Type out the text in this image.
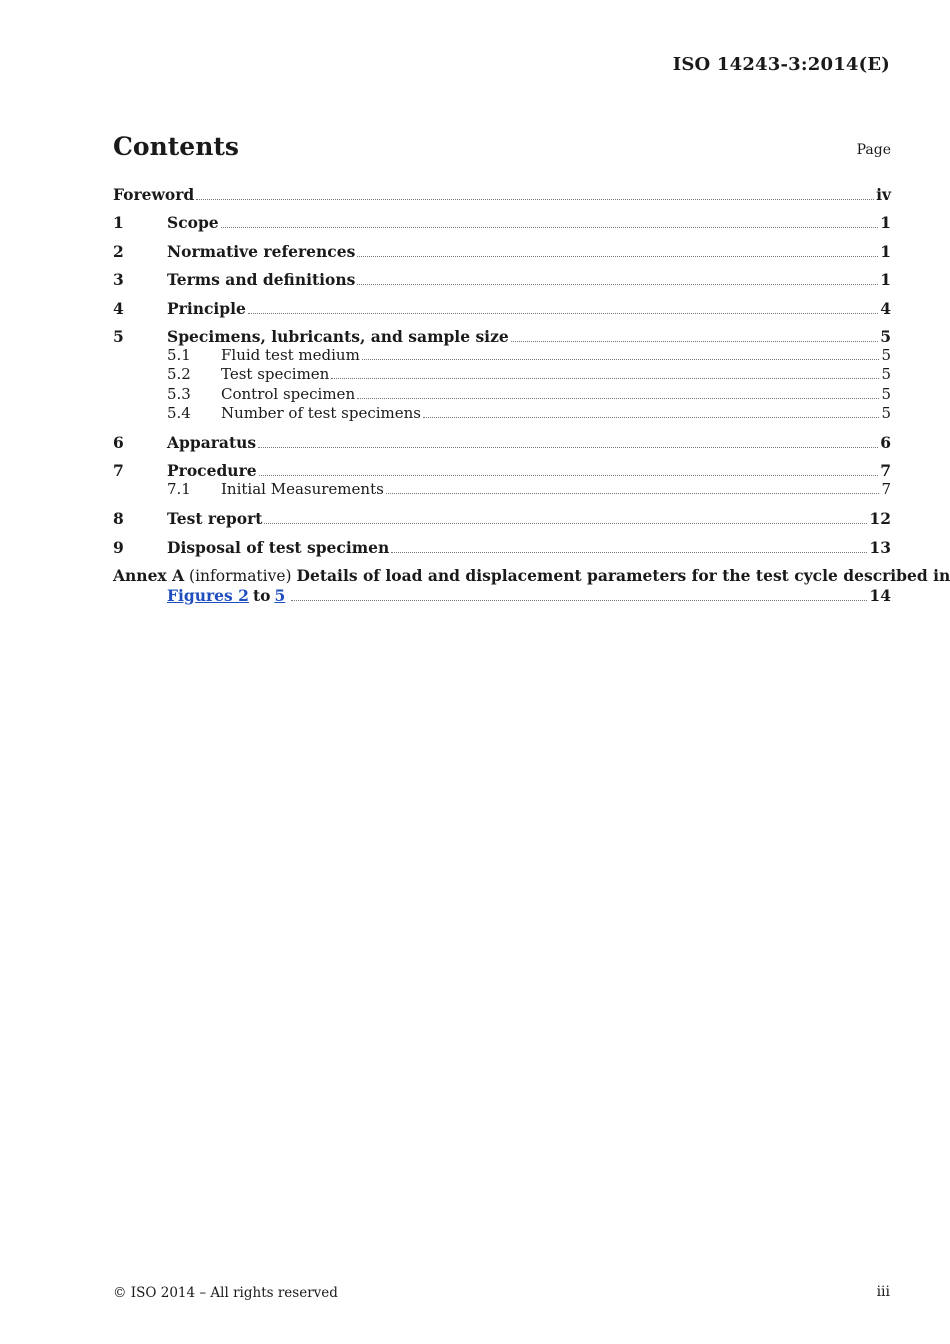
ISO 14243-3:2014(E)
Contents	Page
Foreword	iv
1	Scope	1
2	Normative references	1
3	Terms and definitions	1
4	Principle	4
5	Specimens, lubricants, and sample size	5
5.1	Fluid test medium	5
5.2	Test specimen	5
5.3	Control specimen	5
5.4	Number of test specimens	5
6	Apparatus	6
7	Procedure	7
7.1	Initial Measurements	7
8	Test report	12
9	Disposal of test specimen	13
Annex A (informative) Details of load and displacement parameters for the test cycle described in
Figures 2 to 5	14
© ISO 2014 – All rights reserved	iii
